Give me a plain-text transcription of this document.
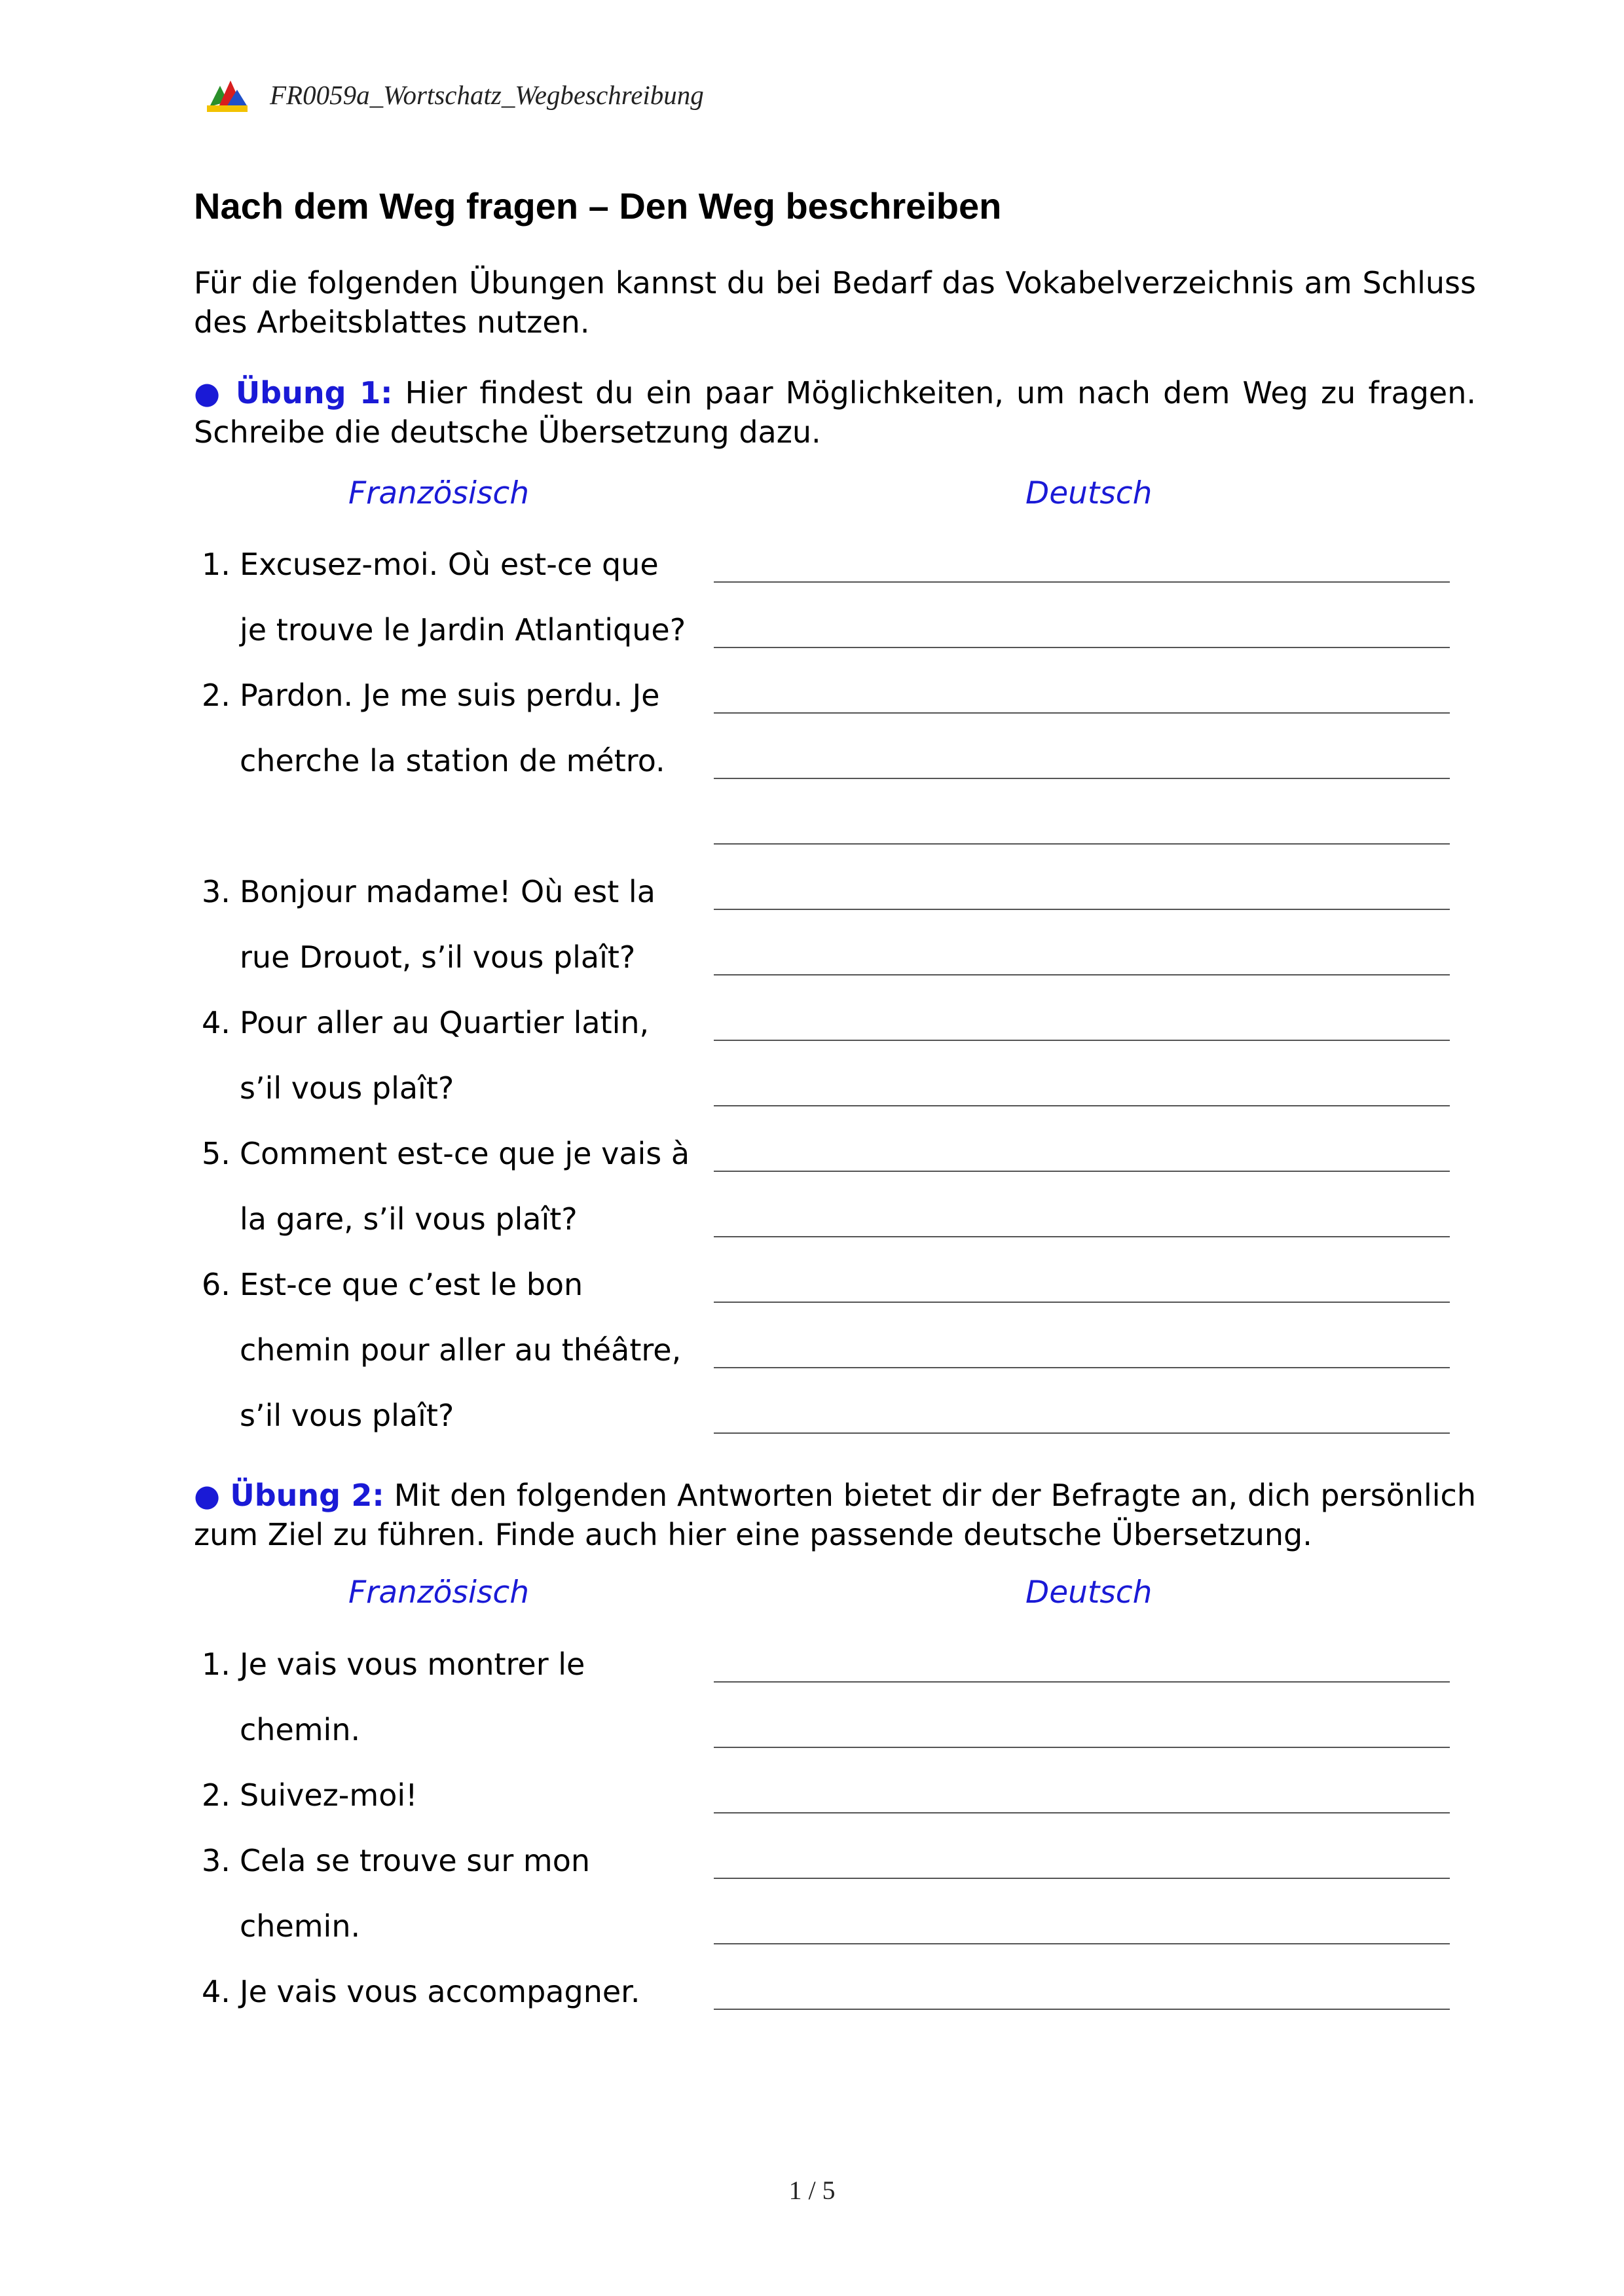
FR0059a_Wortschatz_Wegbeschreibung
Nach dem Weg fragen – Den Weg beschreiben
Für die folgenden Übungen kannst du bei Bedarf das Vokabelverzeichnis am Schluss des Arbeitsblattes nutzen.
● Übung 1: Hier findest du ein paar Möglichkeiten, um nach dem Weg zu fragen. Schreibe die deutsche Übersetzung dazu.
Französisch	Deutsch
1. Excusez-moi. Où est-ce que
je trouve le Jardin Atlantique?
2. Pardon. Je me suis perdu. Je
cherche la station de métro.
3. Bonjour madame! Où est la
rue Drouot, s’il vous plaît?
4. Pour aller au Quartier latin,
s’il vous plaît?
5. Comment est-ce que je vais à
la gare, s’il vous plaît?
6. Est-ce que c’est le bon
chemin pour aller au théâtre,
s’il vous plaît?
● Übung 2: Mit den folgenden Antworten bietet dir der Befragte an, dich persönlich zum Ziel zu führen. Finde auch hier eine passende deutsche Übersetzung.
Französisch	Deutsch
1. Je vais vous montrer le
chemin.
2. Suivez-moi!
3. Cela se trouve sur mon
chemin.
4. Je vais vous accompagner.
1 / 5
